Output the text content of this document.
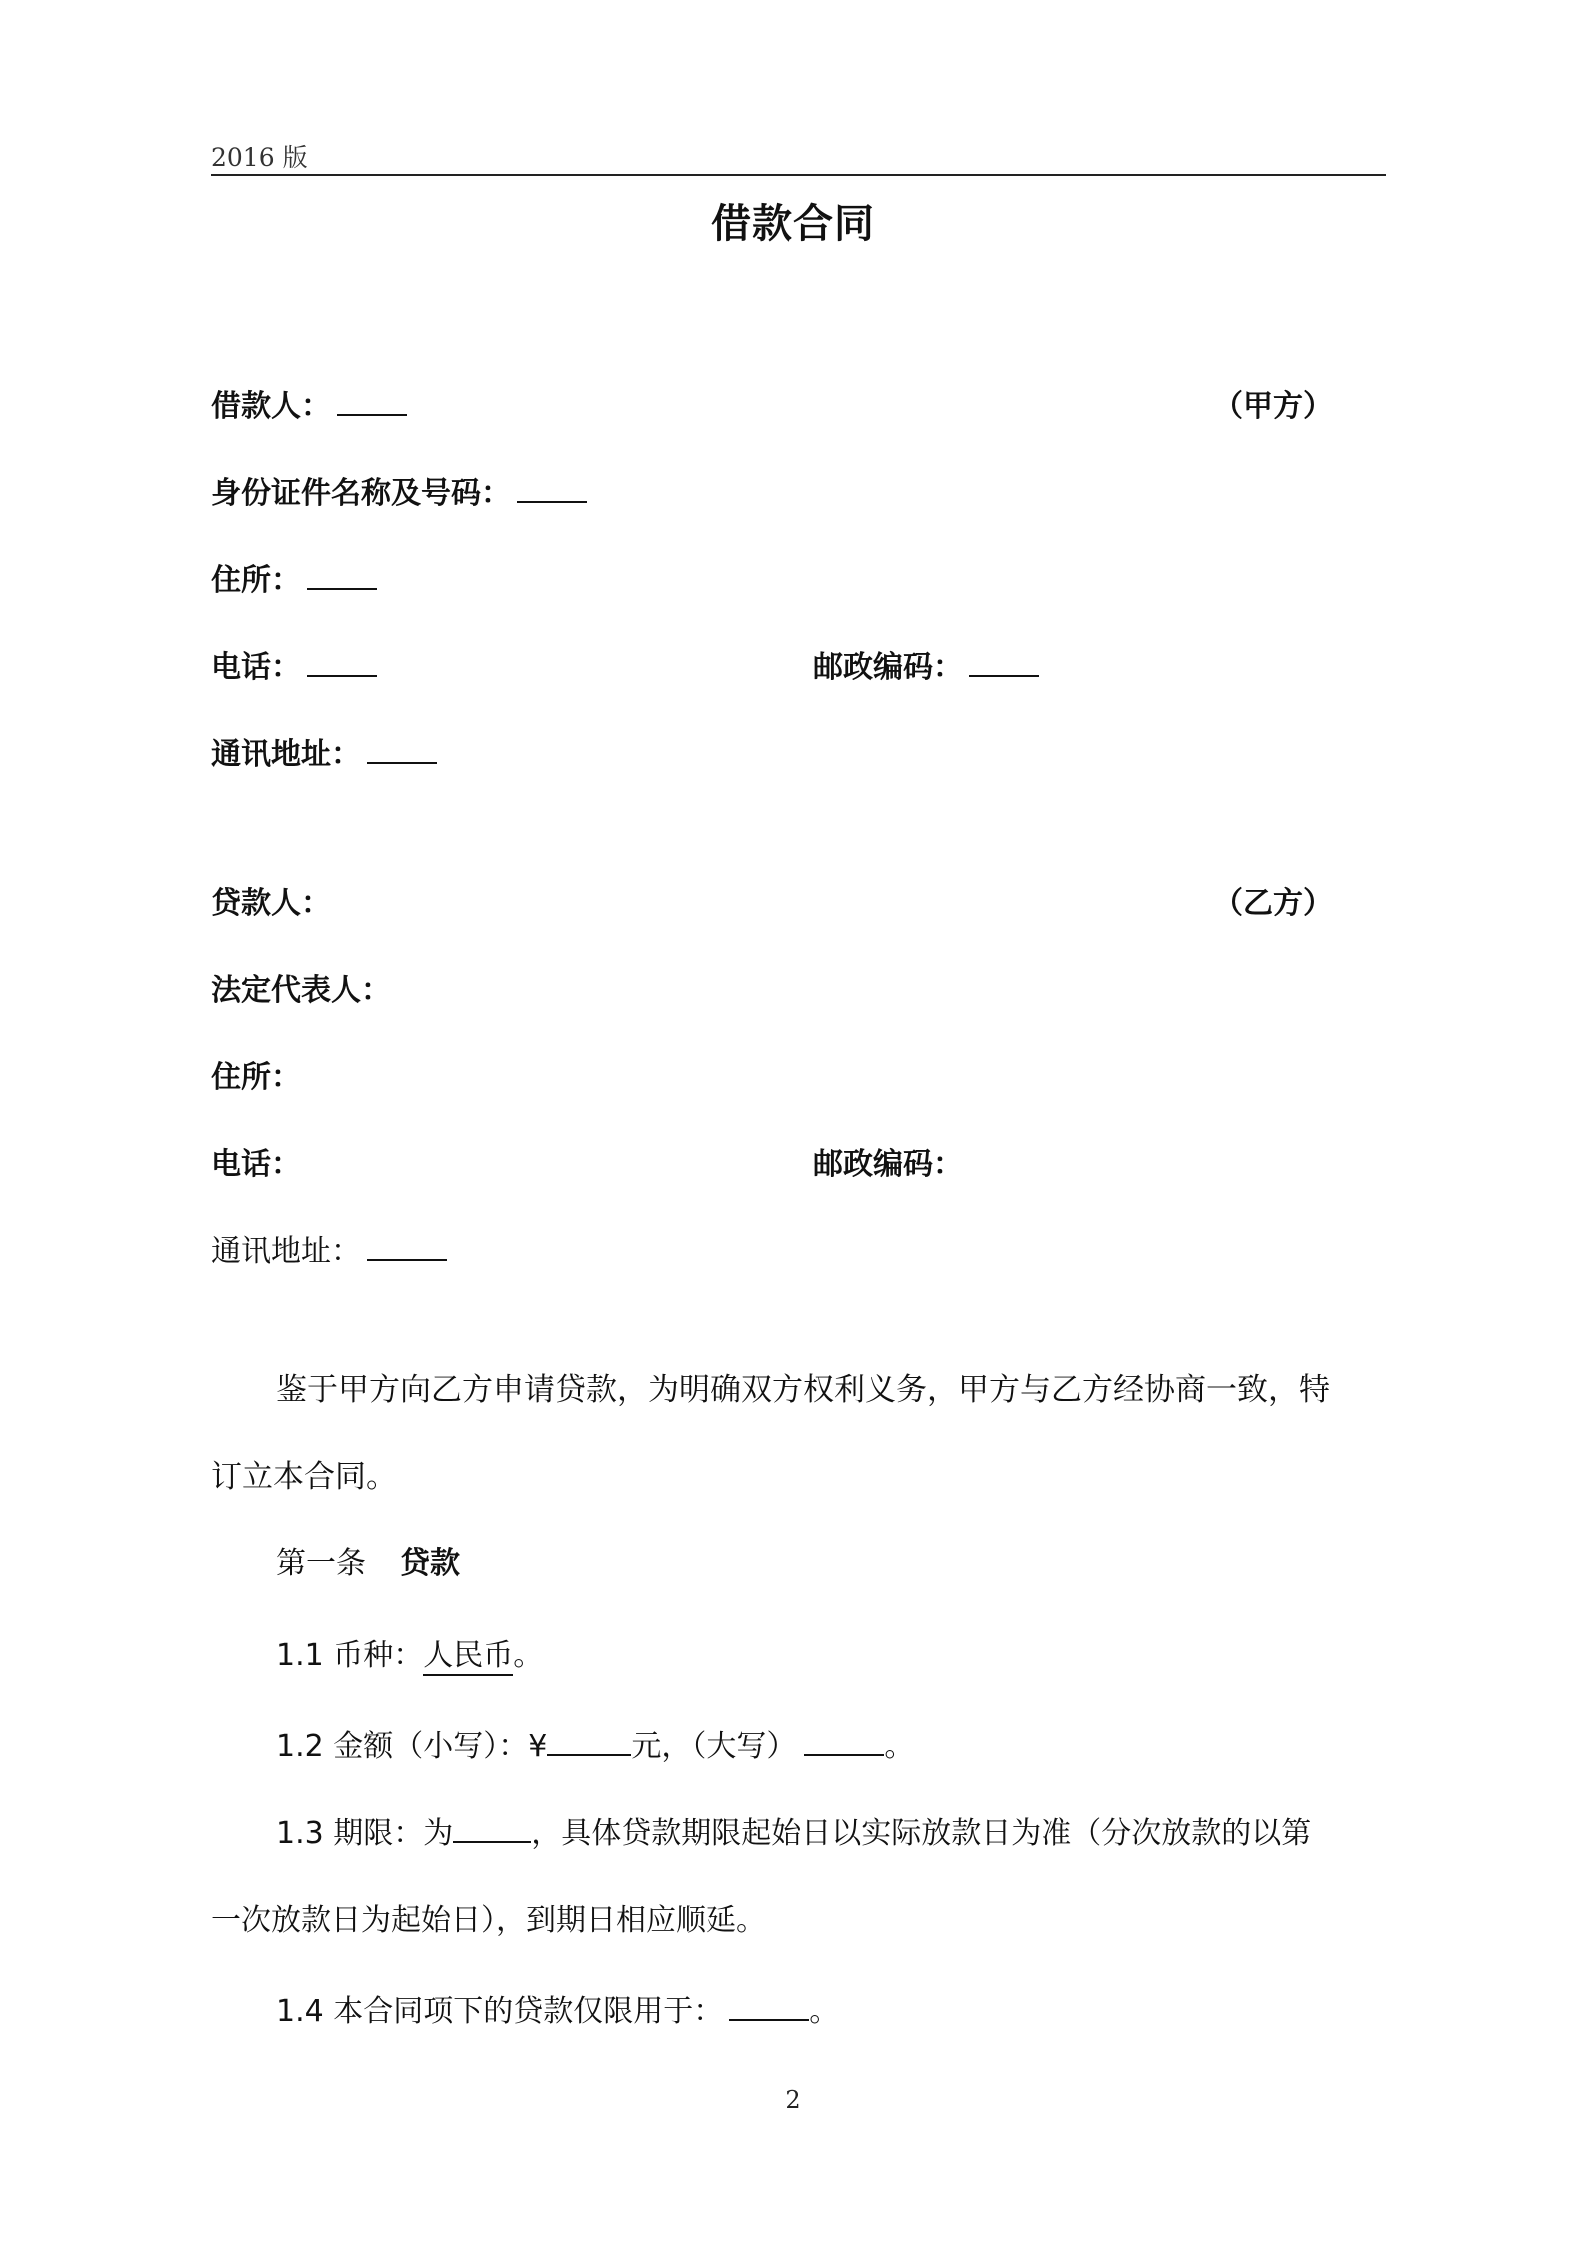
2016 版
借款合同
借款人：	（甲方）
身份证件名称及号码：
住所：
电话：	邮政编码：
通讯地址：
贷款人：	（乙方）
法定代表人：
住所：
电话：	邮政编码：
通讯地址：
鉴于甲方向乙方申请贷款，为明确双方权利义务，甲方与乙方经协商一致，特
订立本合同。
第一条 贷款
1.1 币种：人民币。
1.2 金额（小写）：¥	元，（大写）	。
1.3 期限：为	，具体贷款期限起始日以实际放款日为准（分次放款的以第
一次放款日为起始日），到期日相应顺延。
1.4 本合同项下的贷款仅限用于：	。
2
